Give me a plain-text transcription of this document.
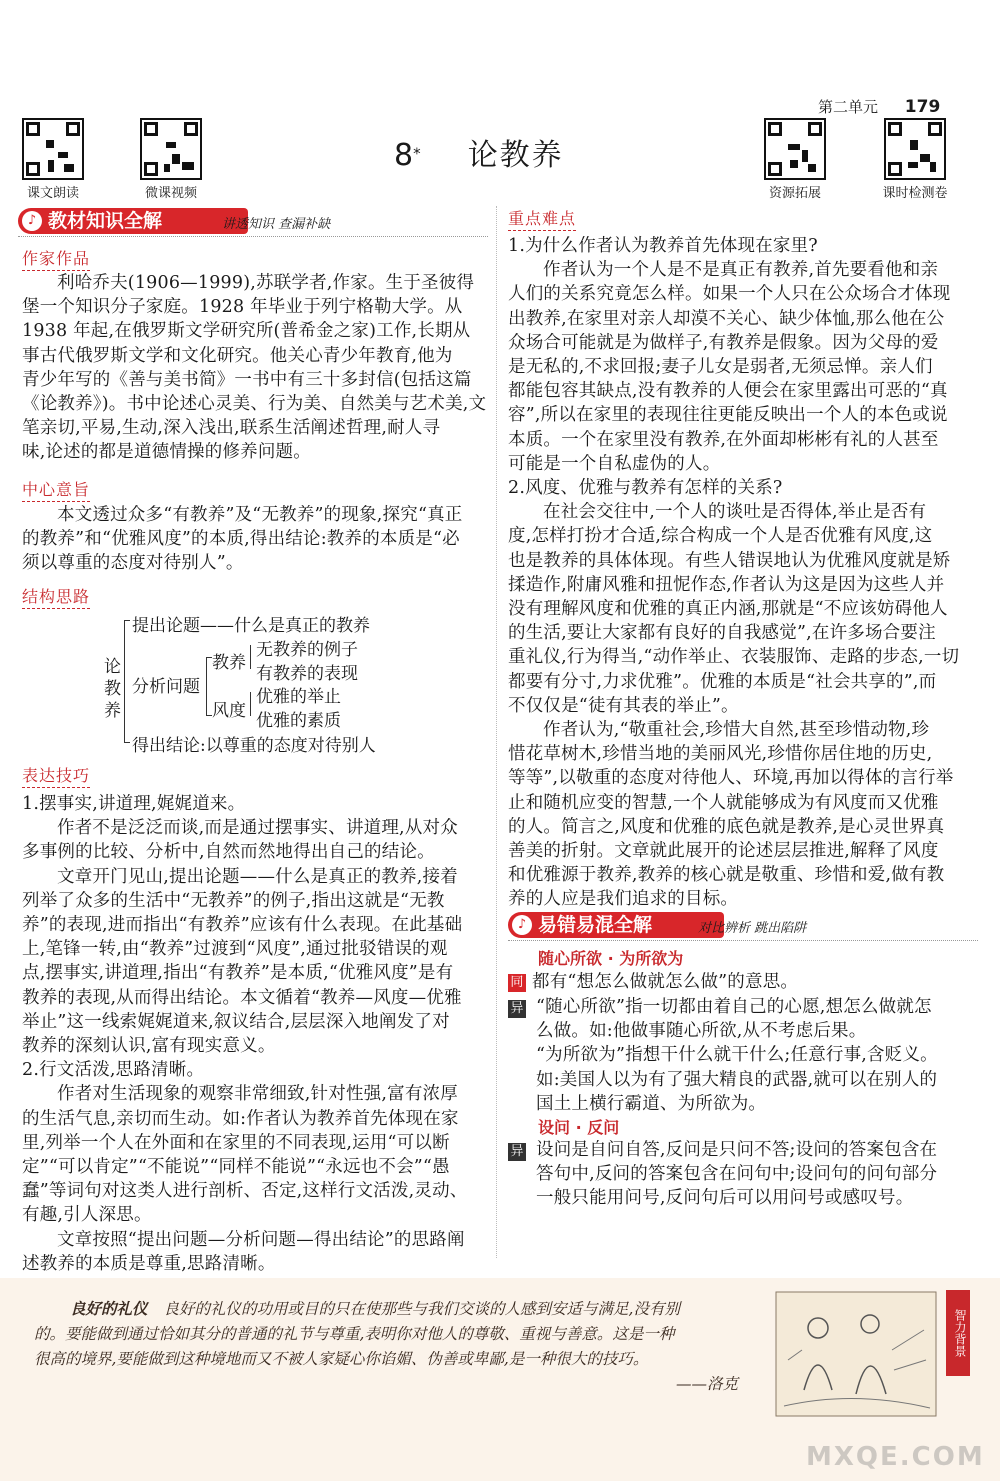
第二单元 179
课文朗读	微课视频	资源拓展	课时检测卷
8* 论教养
♪ 教材知识全解	讲透知识 查漏补缺
作家作品

利哈乔夫(1906—1999),苏联学者,作家。生于圣彼得

堡一个知识分子家庭。1928 年毕业于列宁格勒大学。从

1938 年起,在俄罗斯文学研究所(普希金之家)工作,长期从

事古代俄罗斯文学和文化研究。他关心青少年教育,他为

青少年写的《善与美书简》一书中有三十多封信(包括这篇

《论教养》)。书中论述心灵美、行为美、自然美与艺术美,文

笔亲切,平易,生动,深入浅出,联系生活阐述哲理,耐人寻

味,论述的都是道德情操的修养问题。

中心意旨

本文透过众多“有教养”及“无教养”的现象,探究“真正

的教养”和“优雅风度”的本质,得出结论:教养的本质是“必

须以尊重的态度对待别人”。

结构思路
论教养
提出论题——什么是真正的教养
分析问题
教养
无教养的例子
有教养的表现
风度
优雅的举止
优雅的素质
得出结论:以尊重的态度对待别人
表达技巧

1.摆事实,讲道理,娓娓道来。

作者不是泛泛而谈,而是通过摆事实、讲道理,从对众

多事例的比较、分析中,自然而然地得出自己的结论。

文章开门见山,提出论题——什么是真正的教养,接着

列举了众多的生活中“无教养”的例子,指出这就是“无教

养”的表现,进而指出“有教养”应该有什么表现。在此基础

上,笔锋一转,由“教养”过渡到“风度”,通过批驳错误的观

点,摆事实,讲道理,指出“有教养”是本质,“优雅风度”是有

教养的表现,从而得出结论。本文循着“教养—风度—优雅

举止”这一线索娓娓道来,叙议结合,层层深入地阐发了对

教养的深刻认识,富有现实意义。

2.行文活泼,思路清晰。

作者对生活现象的观察非常细致,针对性强,富有浓厚

的生活气息,亲切而生动。如:作者认为教养首先体现在家

里,列举一个人在外面和在家里的不同表现,运用“可以断

定”“可以肯定”“不能说”“同样不能说”“永远也不会”“愚

蠢”等词句对这类人进行剖析、否定,这样行文活泼,灵动、

有趣,引人深思。

文章按照“提出问题—分析问题—得出结论”的思路阐

述教养的本质是尊重,思路清晰。

重点难点

1.为什么作者认为教养首先体现在家里?

作者认为一个人是不是真正有教养,首先要看他和亲

人们的关系究竟怎么样。如果一个人只在公众场合才体现

出教养,在家里对亲人却漠不关心、缺少体恤,那么他在公

众场合可能就是为做样子,有教养是假象。因为父母的爱

是无私的,不求回报;妻子儿女是弱者,无须忌惮。亲人们

都能包容其缺点,没有教养的人便会在家里露出可恶的“真

容”,所以在家里的表现往往更能反映出一个人的本色或说

本质。一个在家里没有教养,在外面却彬彬有礼的人甚至

可能是一个自私虚伪的人。

2.风度、优雅与教养有怎样的关系?

在社会交往中,一个人的谈吐是否得体,举止是否有

度,怎样打扮才合适,综合构成一个人是否优雅有风度,这

也是教养的具体体现。有些人错误地认为优雅风度就是矫

揉造作,附庸风雅和扭怩作态,作者认为这是因为这些人并

没有理解风度和优雅的真正内涵,那就是“不应该妨碍他人

的生活,要让大家都有良好的自我感觉”,在许多场合要注

重礼仪,行为得当,“动作举止、衣装服饰、走路的步态,一切

都要有分寸,力求优雅”。优雅的本质是“社会共享的”,而

不仅仅是“徒有其表的举止”。

作者认为,“敬重社会,珍惜大自然,甚至珍惜动物,珍

惜花草树木,珍惜当地的美丽风光,珍惜你居住地的历史,

等等”,以敬重的态度对待他人、环境,再加以得体的言行举

止和随机应变的智慧,一个人就能够成为有风度而又优雅

的人。简言之,风度和优雅的底色就是教养,是心灵世界真

善美的折射。文章就此展开的论述层层推进,解释了风度

和优雅源于教养,教养的核心就是敬重、珍惜和爱,做有教

养的人应是我们追求的目标。

♪ 易错易混全解	对比辨析 跳出陷阱
随心所欲 · 为所欲为

同 都有“想怎么做就怎么做”的意思。

异 “随心所欲”指一切都由着自己的心愿,想怎么做就怎

么做。如:他做事随心所欲,从不考虑后果。

“为所欲为”指想干什么就干什么;任意行事,含贬义。

如:美国人以为有了强大精良的武器,就可以在别人的

国土上横行霸道、为所欲为。

设问 · 反问
异 设问是自问自答,反问是只问不答;设问的答案包含在

答句中,反问的答案包含在问句中;设问句的问句部分

一般只能用问号,反问句后可以用问号或感叹号。

良好的礼仪 良好的礼仪的功用或目的只在使那些与我们交谈的人感到安适与满足,没有别
的。要能做到通过恰如其分的普通的礼节与尊重,表明你对他人的尊敬、重视与善意。这是一种
很高的境界,要能做到这种境地而又不被人家疑心你谄媚、伪善或卑鄙,是一种很大的技巧。
——洛克
智力背景
MXQE.COM
